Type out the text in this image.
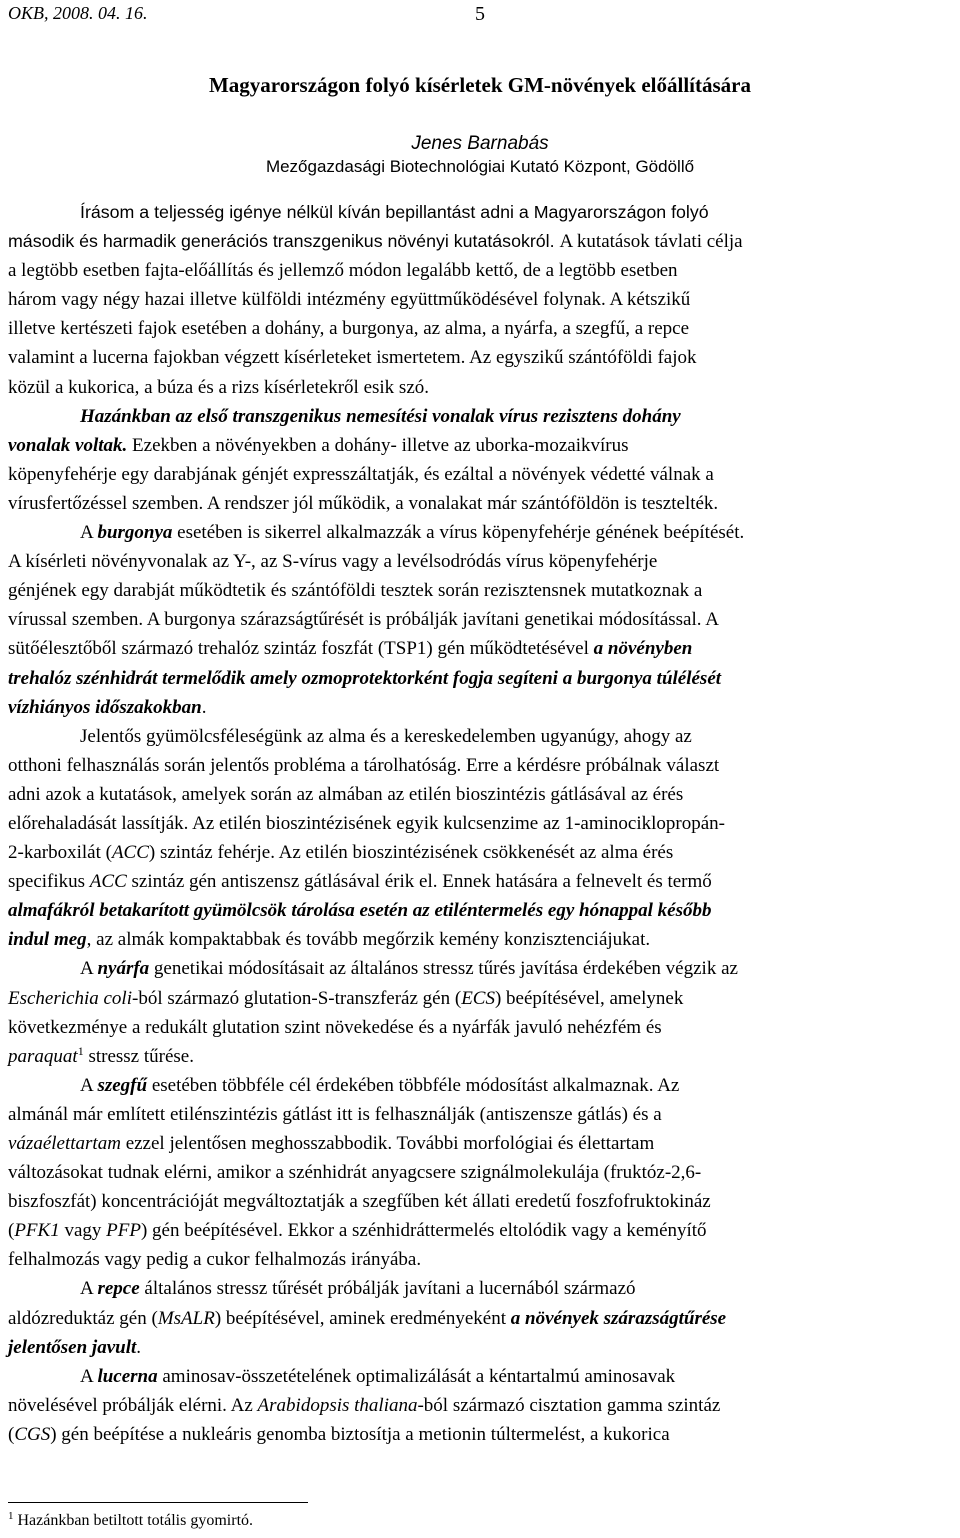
OKB, 2008. 04. 16.	5
Magyarországon folyó kísérletek GM-növények előállítására
Jenes Barnabás
Mezőgazdasági Biotechnológiai Kutató Központ, Gödöllő
Írásom a teljesség igénye nélkül kíván bepillantást adni a Magyarországon folyó
második és harmadik generációs transzgenikus növényi kutatásokról. A kutatások távlati célja
a legtöbb esetben fajta-előállítás és jellemző módon legalább kettő, de a legtöbb esetben
három vagy négy hazai illetve külföldi intézmény együttműködésével folynak. A kétszikű
illetve kertészeti fajok esetében a dohány, a burgonya, az alma, a nyárfa, a szegfű, a repce
valamint a lucerna fajokban végzett kísérleteket ismertetem. Az egyszikű szántóföldi fajok
közül a kukorica, a búza és a rizs kísérletekről esik szó.
Hazánkban az első transzgenikus nemesítési vonalak vírus rezisztens dohány
vonalak voltak. Ezekben a növényekben a dohány- illetve az uborka-mozaikvírus
köpenyfehérje egy darabjának génjét expresszáltatják, és ezáltal a növények védetté válnak a
vírusfertőzéssel szemben. A rendszer jól működik, a vonalakat már szántóföldön is tesztelték.
A burgonya esetében is sikerrel alkalmazzák a vírus köpenyfehérje génének beépítését.
A kísérleti növényvonalak az Y-, az S-vírus vagy a levélsodródás vírus köpenyfehérje
génjének egy darabját működtetik és szántóföldi tesztek során rezisztensnek mutatkoznak a
vírussal szemben. A burgonya szárazságtűrését is próbálják javítani genetikai módosítással. A
sütőélesztőből származó trehalóz szintáz foszfát (TSP1) gén működtetésével a növényben
trehalóz szénhidrát termelődik amely ozmoprotektorként fogja segíteni a burgonya túlélését
vízhiányos időszakokban.
Jelentős gyümölcsféleségünk az alma és a kereskedelemben ugyanúgy, ahogy az
otthoni felhasználás során jelentős probléma a tárolhatóság. Erre a kérdésre próbálnak választ
adni azok a kutatások, amelyek során az almában az etilén bioszintézis gátlásával az érés
előrehaladását lassítják. Az etilén bioszintézisének egyik kulcsenzime az 1-aminociklopropán-
2-karboxilát (ACC) szintáz fehérje. Az etilén bioszintézisének csökkenését az alma érés
specifikus ACC szintáz gén antiszensz gátlásával érik el. Ennek hatására a felnevelt és termő
almafákról betakarított gyümölcsök tárolása esetén az etiléntermelés egy hónappal később
indul meg, az almák kompaktabbak és tovább megőrzik kemény konzisztenciájukat.
A nyárfa genetikai módosításait az általános stressz tűrés javítása érdekében végzik az
Escherichia coli-ból származó glutation-S-transzferáz gén (ECS) beépítésével, amelynek
következménye a redukált glutation szint növekedése és a nyárfák javuló nehézfém és
paraquat$^1$ stressz tűrése.
A szegfű esetében többféle cél érdekében többféle módosítást alkalmaznak. Az
almánál már említett etilénszintézis gátlást itt is felhasználják (antiszensze gátlás) és a
vázaélettartam ezzel jelentősen meghosszabbodik. További morfológiai és élettartam
változásokat tudnak elérni, amikor a szénhidrát anyagcsere szignálmolekulája (fruktóz-2,6-
biszfoszfát) koncentrációját megváltoztatják a szegfűben két állati eredetű foszfofruktokináz
(PFK1 vagy PFP) gén beépítésével. Ekkor a szénhidráttermelés eltolódik vagy a keményítő
felhalmozás vagy pedig a cukor felhalmozás irányába.
A repce általános stressz tűrését próbálják javítani a lucernából származó
aldózreduktáz gén (MsALR) beépítésével, aminek eredményeként a növények szárazságtűrése
jelentősen javult.
A lucerna aminosav-összetételének optimalizálását a kéntartalmú aminosavak
növelésével próbálják elérni. Az Arabidopsis thaliana-ból származó cisztation gamma szintáz
(CGS) gén beépítése a nukleáris genomba biztosítja a metionin túltermelést, a kukorica
$^1$ Hazánkban betiltott totális gyomirtó.
